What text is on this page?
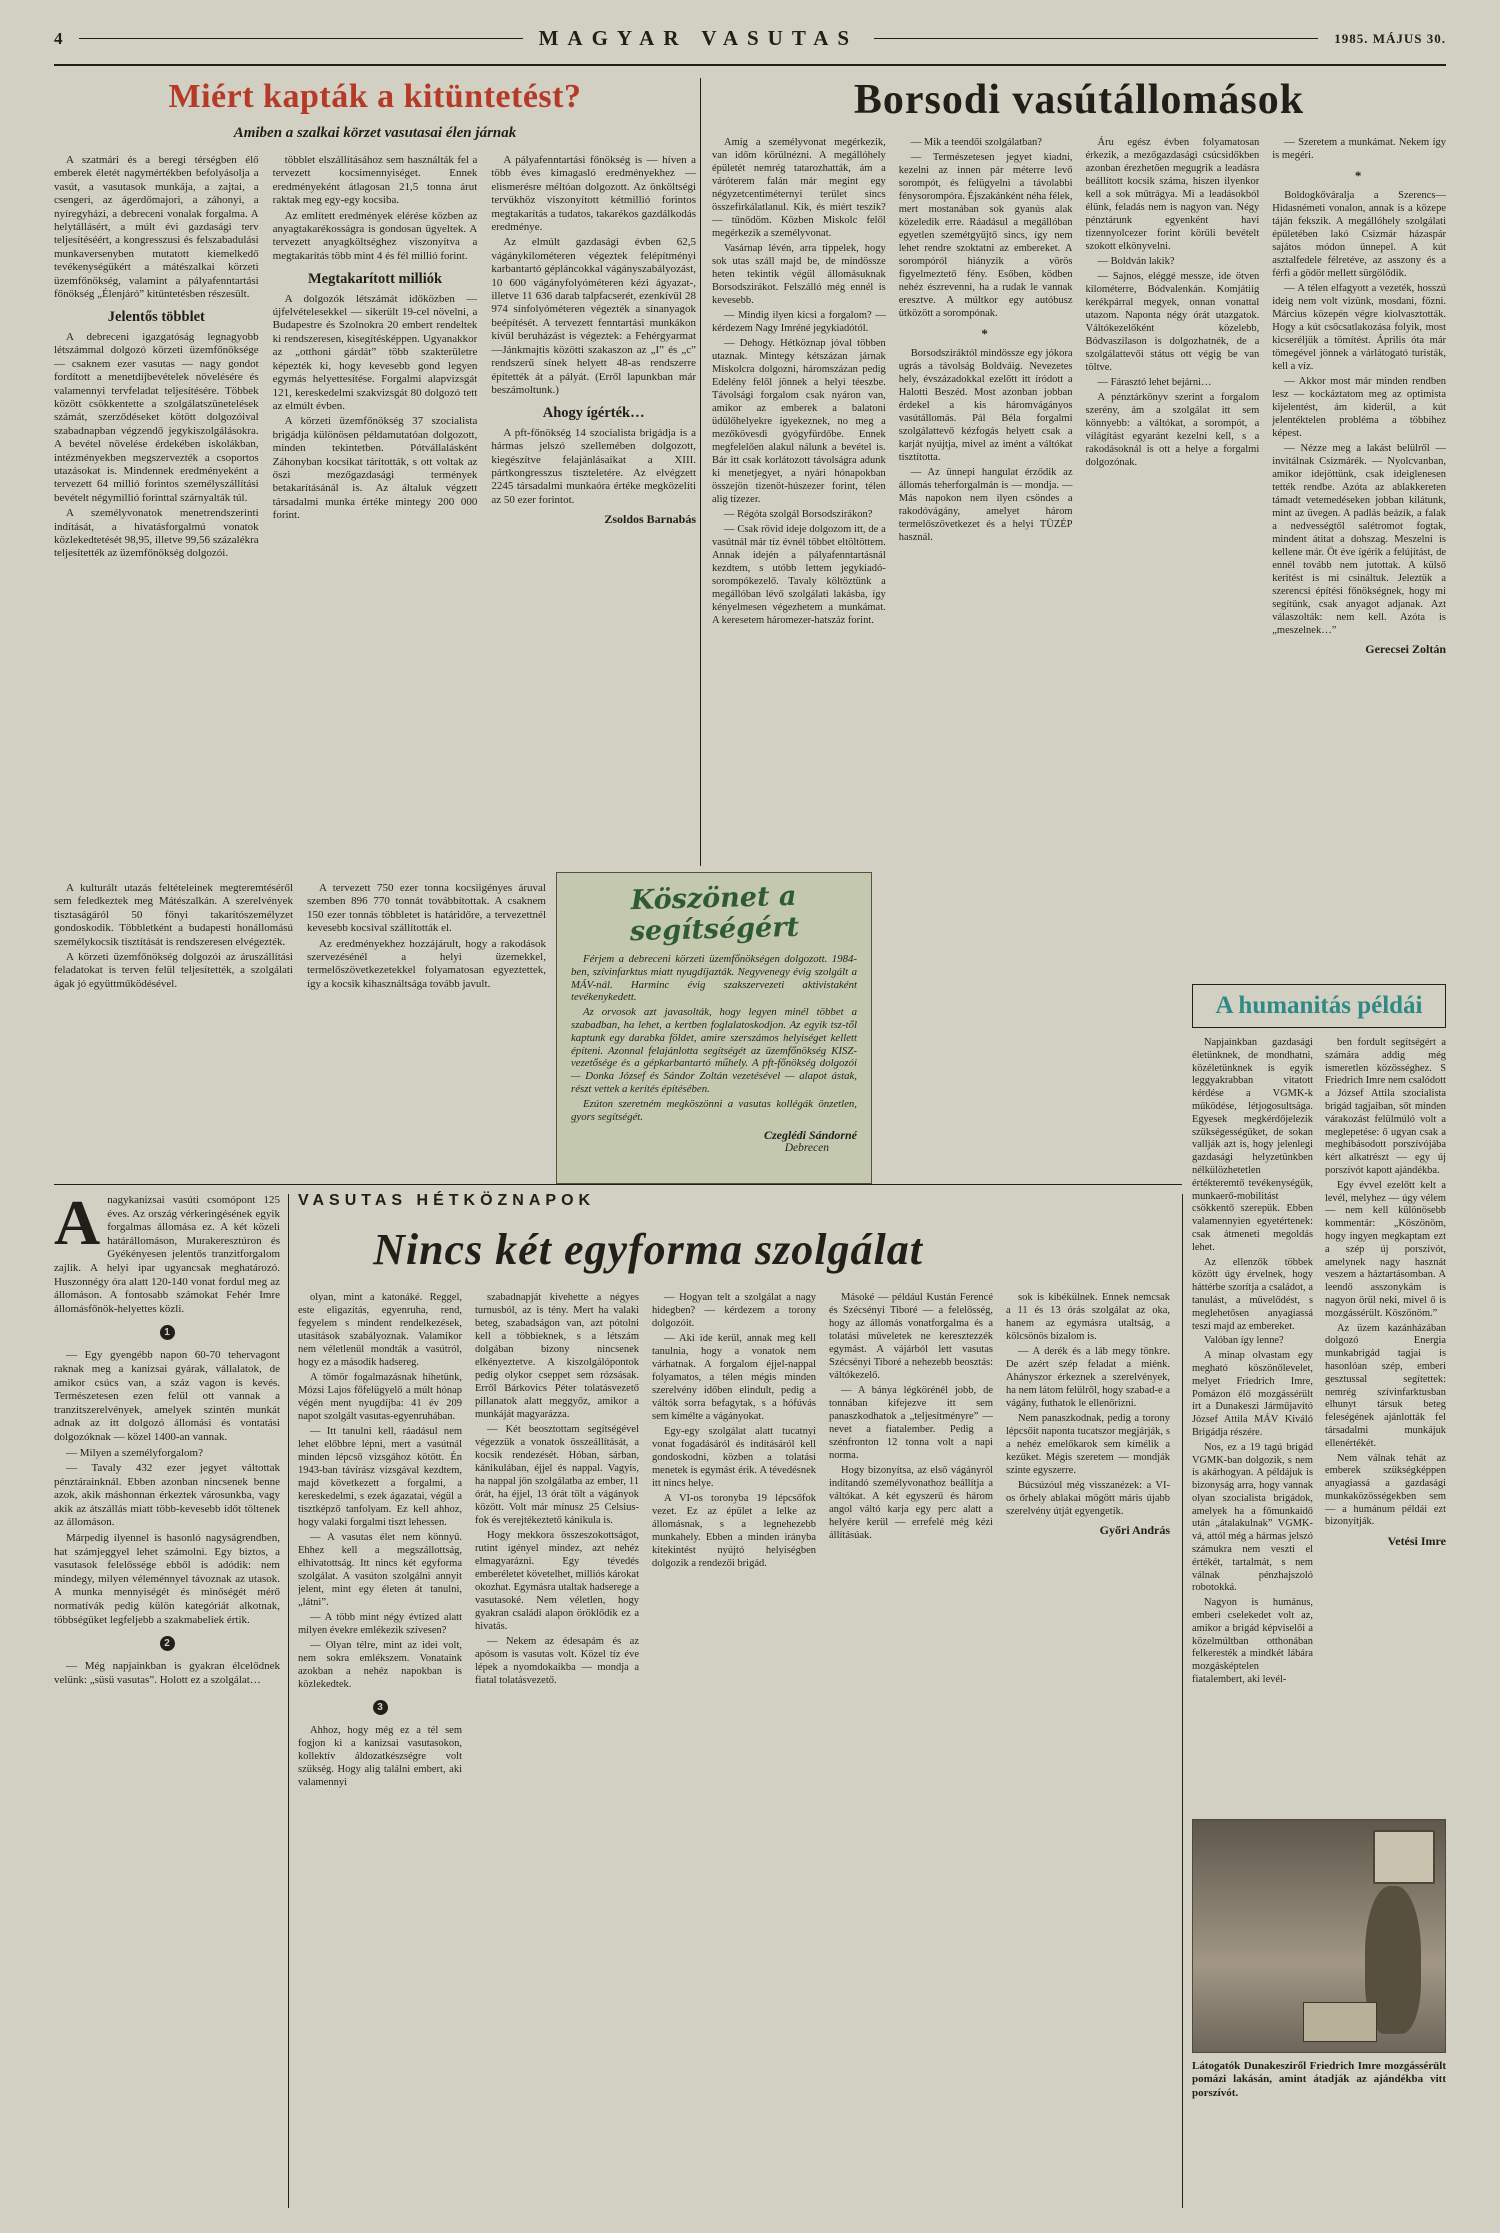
4	MAGYAR VASUTAS	1985. MÁJUS 30.
Miért kapták a kitüntetést?
Amiben a szalkai körzet vasutasai élen járnak
A szatmári és a beregi térségben élő emberek életét nagymértékben befolyásolja a vasút, a vasutasok munkája, a zajtai, a csengeri, az ágerdőmajori, a záhonyi, a nyíregyházi, a debreceni vonalak forgalma. A helytállásért, a múlt évi gazdasági terv teljesítéséért, a kongresszusi és felszabadulási munkaversenyben mutatott kiemelkedő tevékenységükért a mátészalkai körzeti üzemfőnökség, valamint a pályafenntartási főnökség „Élenjáró” kitüntetésben részesült.
Jelentős többlet
A debreceni igazgatóság legnagyobb létszámmal dolgozó körzeti üzemfőnöksége — csaknem ezer vasutas — nagy gondot fordított a menetdíjbevételek növelésére és valamennyi tervfeladat teljesítésére. Többek között csökkentette a szolgálatszünetelések számát, szerződéseket kötött dolgozóival szabadnapban végzendő jegykiszolgálásokra. A bevétel növelése érdekében iskolákban, intézményekben megszervezték a csoportos utazásokat is. Mindennek eredményeként a tervezett 64 millió forintos személyszállítási bevételt négymillió forinttal szárnyalták túl.
A személyvonatok menetrendszerinti indítását, a hivatásforgalmú vonatok közlekedtetését 98,95, illetve 99,56 százalékra teljesítették az üzemfőnökség dolgozói.
többlet elszállításához sem használták fel a tervezett kocsimennyiséget. Ennek eredményeként átlagosan 21,5 tonna árut raktak meg egy-egy kocsiba.
Az említett eredmények elérése közben az anyagtakarékosságra is gondosan ügyeltek. A tervezett anyagköltséghez viszonyítva a megtakarítás több mint 4 és fél millió forint.
Megtakarított milliók
A dolgozók létszámát időközben — újfelvételesekkel — sikerült 19-cel növelni, a Budapestre és Szolnokra 20 embert rendeltek ki rendszeresen, kisegítésképpen. Ugyanakkor az „otthoni gárdát” több szakterületre képezték ki, hogy kevesebb gond legyen egymás helyettesítése. Forgalmi alapvizsgát 121, kereskedelmi szakvizsgát 80 dolgozó tett az elmúlt évben.
A körzeti üzemfőnökség 37 szocialista brigádja különösen példamutatóan dolgozott, minden tekintetben. Pótvállalásként Záhonyban kocsikat tárították, s ott voltak az őszi mezőgazdasági termények betakarításánál is. Az általuk végzett társadalmi munka értéke mintegy 200 000 forint.
A pályafenntartási főnökség is — híven a több éves kimagasló eredményekhez — elismerésre méltóan dolgozott. Az önköltségi tervükhöz viszonyított kétmillió forintos megtakarítás a tudatos, takarékos gazdálkodás eredménye.
Az elmúlt gazdasági évben 62,5 vágánykilométeren végeztek felépítményi karbantartó gépláncokkal vágányszabályozást, 10 600 vágányfolyóméteren kézi ágyazat-, illetve 11 636 darab talpfacserét, ezenkívül 28 974 sínfolyóméteren végezték a sínanyagok beépítését. A tervezett fenntartási munkákon kívül beruházást is végeztek: a Fehérgyarmat—Jánkmajtis közötti szakaszon az „I” és „c” rendszerű sínek helyett 48-as rendszerre építették át a pályát. (Erről lapunkban már beszámoltunk.)
Ahogy ígérték…
A pft-főnökség 14 szocialista brigádja is a hármas jelszó szellemében dolgozott, kiegészítve felajánlásaikat a XIII. pártkongresszus tiszteletére. Az elvégzett 2245 társadalmi munkaóra értéke megközelíti az 50 ezer forintot.
Zsoldos Barnabás
A kulturált utazás feltételeinek megteremtéséről sem feledkeztek meg Mátészalkán. A szerelvények tisztaságáról 50 főnyi takarítószemélyzet gondoskodik. Többletként a budapesti honállomású személykocsik tisztítását is rendszeresen elvégezték.
A körzeti üzemfőnökség dolgozói az áruszállítási feladatokat is terven felül teljesítették, a szolgálati ágak jó együttműködésével.
A tervezett 750 ezer tonna kocsiigényes áruval szemben 896 770 tonnát továbbítottak. A csaknem 150 ezer tonnás többletet is határidőre, a tervezettnél kevesebb kocsival szállították el.
Az eredményekhez hozzájárult, hogy a rakodások szervezésénél a helyi üzemekkel, termelőszövetkezetekkel folyamatosan egyeztettek, így a kocsik kihasználtsága tovább javult.
Köszönet a segítségért
Férjem a debreceni körzeti üzemfőnökségen dolgozott. 1984-ben, szívinfarktus miatt nyugdíjazták. Negyvenegy évig szolgált a MÁV-nál. Harminc évig szakszervezeti aktivistaként tevékenykedett.
Az orvosok azt javasolták, hogy legyen minél többet a szabadban, ha lehet, a kertben foglalatoskodjon. Az egyik tsz-től kaptunk egy darabka földet, amire szerszámos helyiséget kellett építeni. Azonnal felajánlotta segítségét az üzemfőnökség KISZ-vezetősége és a gépkarbantartó műhely. A pft-főnökség dolgozói — Donka József és Sándor Zoltán vezetésével — alapot ástak, részt vettek a kerítés építésében.
Ezúton szeretném megköszönni a vasutas kollégák önzetlen, gyors segítségét.
Czeglédi Sándorné
Debrecen
Borsodi vasútállomások
Amíg a személyvonat megérkezik, van időm körülnézni. A megállóhely épületét nemrég tatarozhatták, ám a váróterem falán már megint egy négyzetcentiméternyi terület sincs összefirkálatlanul. Kik, és miért teszik? — tűnődöm. Közben Miskolc felől megérkezik a személyvonat.
Vasárnap lévén, arra tippelek, hogy sok utas száll majd be, de mindössze heten tekintik végül állomásuknak Borsodszirákot. Felszálló még ennél is kevesebb.
— Mindig ilyen kicsi a forgalom? — kérdezem Nagy Imréné jegykiadótól.
— Dehogy. Hétköznap jóval többen utaznak. Mintegy kétszázan járnak Miskolcra dolgozni, háromszázan pedig Edelény felől jönnek a helyi téeszbe. Távolsági forgalom csak nyáron van, amikor az emberek a balatoni üdülőhelyekre igyekeznek, no meg a mezőkövesdi gyógyfürdőbe. Ennek megfelelően alakul nálunk a bevétel is. Bár itt csak korlátozott távolságra adunk ki menetjegyet, a nyári hónapokban összejön tizenöt-húszezer forint, télen alig tízezer.
— Régóta szolgál Borsodszirákon?
— Csak rövid ideje dolgozom itt, de a vasútnál már tíz évnél többet eltöltöttem. Annak idején a pályafenntartásnál kezdtem, s utóbb lettem jegykiadó-sorompókezelő. Tavaly költöztünk a megállóban lévő szolgálati lakásba, így kényelmesen végezhetem a munkámat. A keresetem háromezer-hatszáz forint.
— Mik a teendői szolgálatban?
— Természetesen jegyet kiadni, kezelni az innen pár méterre levő sorompót, és felügyelni a távolabbi fénysorompóra. Éjszakánként néha félek, mert mostanában sok gyanús alak közeledik erre. Ráadásul a megállóban egyetlen szemétgyűjtő sincs, így nem lehet rendre szoktatni az embereket. A sorompóról hiányzik a vörös figyelmeztető fény. Esőben, ködben nehéz észrevenni, ha a rudak le vannak eresztve. A múltkor egy autóbusz ütközött a sorompónak.
*
Borsodsziráktól mindössze egy jókora ugrás a távolság Boldváig. Nevezetes hely, évszázadokkal ezelőtt itt íródott a Halotti Beszéd. Most azonban jobban érdekel a kis háromvágányos vasútállomás. Pál Béla forgalmi szolgálattevő kézfogás helyett csak a karját nyújtja, mivel az imént a váltókat tisztította.
— Az ünnepi hangulat érződik az állomás teherforgalmán is — mondja. — Más napokon nem ilyen csöndes a rakodóvágány, amelyet három termelőszövetkezet és a helyi TÜZÉP használ.
Áru egész évben folyamatosan érkezik, a mezőgazdasági csúcsidőkben azonban érezhetően megugrik a leadásra beállított kocsik száma, hiszen ilyenkor kell a sok műtrágya. Mi a leadásokból élünk, feladás nem is nagyon van. Négy pénztárunk egyenként havi tizennyolcezer forint körüli bevételt szokott elkönyvelni.
— Boldván lakik?
— Sajnos, eléggé messze, ide ötven kilométerre, Bódvalenkán. Komjátiig kerékpárral megyek, onnan vonattal utazom. Naponta négy órát utazgatok. Váltókezelőként közelebb, Bódvaszilason is dolgozhatnék, de a szolgálattevői státus ott végig be van töltve.
— Fárasztó lehet bejárni…
A pénztárkönyv szerint a forgalom szerény, ám a szolgálat itt sem könnyebb: a váltókat, a sorompót, a világítást egyaránt kezelni kell, s a rakodásoknál is ott a helye a forgalmi dolgozónak.
— Szeretem a munkámat. Nekem így is megéri.
*
Boldogkőváralja a Szerencs—Hidasnémeti vonalon, annak is a közepe táján fekszik. A megállóhely szolgálati épületében lakó Csizmár házaspár sajátos módon ünnepel. A kút asztalfedele félretéve, az asszony és a férfi a gödör mellett sürgölődik.
— A télen elfagyott a vezeték, hosszú ideig nem volt vizünk, mosdani, főzni. Március közepén végre kiolvasztották. Hogy a kút csőcsatlakozása folyik, most kicseréljük a tömítést. Április óta már tömegével jönnek a várlátogató turisták, kell a víz.
— Akkor most már minden rendben lesz — kockáztatom meg az optimista kijelentést, ám kiderül, a kút jelentéktelen probléma a többihez képest.
— Nézze meg a lakást belülről — invitálnak Csizmárék. — Nyolcvanban, amikor idejöttünk, csak ideiglenesen tették rendbe. Azóta az ablakkereten támadt vetemedéseken jobban kilátunk, mint az üvegen. A padlás beázik, a falak a nedvességtől salétromot fogtak, mindent átitat a dohszag. Meszelni is kellene már. Öt éve ígérik a felújítást, de ennél tovább nem jutottak. A külső kerítést is mi csináltuk. Jeleztük a szerencsi építési főnökségnek, hogy mi segítünk, csak anyagot adjanak. Azt válaszolták: nem kell. Azóta is „meszelnek…”
Gerecsei Zoltán
A humanitás példái
Napjainkban gazdasági életünknek, de mondhatni, közéletünknek is egyik leggyakrabban vitatott kérdése a VGMK-k működése, létjogosultsága. Egyesek megkérdőjelezik szükségességüket, de sokan vallják azt is, hogy jelenlegi gazdasági helyzetünkben nélkülözhetetlen értékteremtő tevékenységük, munkaerő-mobilitást csökkentő szerepük. Ebben valamennyien egyetértenek: csak átmeneti megoldás lehet.
Az ellenzők többek között úgy érvelnek, hogy háttérbe szorítja a családot, a tanulást, a művelődést, s meglehetősen anyagiassá teszi majd az embereket.
Valóban így lenne?
A minap olvastam egy megható köszönőlevelet, melyet Friedrich Imre, Pomázon élő mozgássérült írt a Dunakeszi Járműjavító József Attila MÁV Kiváló Brigádja részére.
Nos, ez a 19 tagú brigád VGMK-ban dolgozik, s nem is akárhogyan. A példájuk is bizonyság arra, hogy vannak olyan szocialista brigádok, amelyek ha a főmunkaidő után „átalakulnak” VGMK-vá, attól még a hármas jelszó számukra nem veszti el értékét, tartalmát, s nem válnak pénzhajszoló robotokká.
Nagyon is humánus, emberi cselekedet volt az, amikor a brigád képviselői a közelmúltban otthonában felkeresték a mindkét lábára mozgásképtelen fiatalembert, aki levél-
ben fordult segítségért a számára addig még ismeretlen közösséghez. S Friedrich Imre nem csalódott a József Attila szocialista brigád tagjaiban, sőt minden várakozást felülmúló volt a meglepetése: ő ugyan csak a meghibásodott porszívójába kért alkatrészt — egy új porszívót kapott ajándékba.
Egy évvel ezelőtt kelt a levél, melyhez — úgy vélem — nem kell különösebb kommentár: „Köszönöm, hogy ingyen megkaptam ezt a szép új porszívót, amelynek nagy hasznát veszem a háztartásomban. A leendő asszonykám is nagyon örül neki, mivel ő is mozgássérült. Köszönöm.”
Az üzem kazánházában dolgozó Energia munkabrigád tagjai is hasonlóan szép, emberi gesztussal segítettek: nemrég szívinfarktusban elhunyt társuk beteg feleségének ajánlották fel társadalmi munkájuk ellenértékét.
Nem válnak tehát az emberek szükségképpen anyagiassá a gazdasági munkaközösségekben sem — a humánum példái ezt bizonyítják.
Vetési Imre
Látogatók Dunakesziről Friedrich Imre mozgássérült pomázi lakásán, amint átadják az ajándékba vitt porszívót.
Anagykanizsai vasúti csomópont 125 éves. Az ország vérkeringésének egyik forgalmas állomása ez. A két közeli határállomáson, Murakeresztúron és Gyékényesen jelentős tranzitforgalom zajlik. A helyi ipar ugyancsak meghatározó. Huszonnégy óra alatt 120-140 vonat fordul meg az állomáson. A fontosabb számokat Fehér Imre állomásfőnök-helyettes közli.
1
— Egy gyengébb napon 60-70 tehervagont raknak meg a kanizsai gyárak, vállalatok, de amikor csúcs van, a száz vagon is kevés. Természetesen ezen felül ott vannak a tranzitszerelvények, amelyek szintén munkát adnak az itt dolgozó állomási és vontatási dolgozóknak — közel 1400-an vannak.
— Milyen a személyforgalom?
— Tavaly 432 ezer jegyet váltottak pénztárainknál. Ebben azonban nincsenek benne azok, akik máshonnan érkeztek városunkba, vagy akik az átszállás miatt több-kevesebb időt töltenek az állomáson.
Márpedig ilyennel is hasonló nagyságrendben, hat számjeggyel lehet számolni. Egy biztos, a vasutasok felelőssége ebből is adódik: nem mindegy, milyen véleménnyel távoznak az utasok. A munka mennyiségét és minőségét mérő normatívák pedig külön kategóriát alkotnak, többségüket legfeljebb a szakmabeliek értik.
2
— Még napjainkban is gyakran élcelődnek velünk: „süsü vasutas”. Holott ez a szolgálat…
VASUTAS HÉTKÖZNAPOK
Nincs két egyforma szolgálat
olyan, mint a katonáké. Reggel, este eligazítás, egyenruha, rend, fegyelem s mindent rendelkezések, utasítások szabályoznak. Valamikor nem véletlenül mondták a vasútról, hogy ez a második hadsereg.
A tömör fogalmazásnak hihetünk, Mózsi Lajos főfelügyelő a múlt hónap végén ment nyugdíjba: 41 év 209 napot szolgált vasutas-egyenruhában.
— Itt tanulni kell, ráadásul nem lehet előbbre lépni, mert a vasútnál minden lépcső vizsgához kötött. Én 1943-ban távírász vizsgával kezdtem, majd következett a forgalmi, a kereskedelmi, s ezek ágazatai, végül a tisztképző tanfolyam. Ez kell ahhoz, hogy valaki forgalmi tiszt lehessen.
— A vasutas élet nem könnyű. Ehhez kell a megszállottság, elhivatottság. Itt nincs két egyforma szolgálat. A vasúton szolgálni annyit jelent, mint egy életen át tanulni, „látni”.
— A több mint négy évtized alatt milyen évekre emlékezik szívesen?
— Olyan télre, mint az idei volt, nem sokra emlékszem. Vonataink azokban a nehéz napokban is közlekedtek.
3
Ahhoz, hogy még ez a tél sem fogjon ki a kanizsai vasutasokon, kollektív áldozatkészségre volt szükség. Hogy alig találni embert, aki valamennyi
szabadnapját kivehette a négyes turnusból, az is tény. Mert ha valaki beteg, szabadságon van, azt pótolni kell a többieknek, s a létszám dolgában bizony nincsenek elkényeztetve. A kiszolgálópontok pedig olykor cseppet sem rózsásak. Erről Bárkovics Péter tolatásvezető pillanatok alatt meggyőz, amikor a munkáját magyarázza.
— Két beosztottam segítségével végezzük a vonatok összeállítását, a kocsik rendezését. Hóban, sárban, kánikulában, éjjel és nappal. Vagyis, ha nappal jön szolgálatba az ember, 11 órát, ha éjjel, 13 órát tölt a vágányok között. Volt már mínusz 25 Celsius-fok és verejtékeztető kánikula is.
Hogy mekkora összeszokottságot, rutint igényel mindez, azt nehéz elmagyarázni. Egy tévedés emberéletet követelhet, milliós károkat okozhat. Egymásra utaltak hadserege a vasutasoké. Nem véletlen, hogy gyakran családi alapon öröklődik ez a hivatás.
— Nekem az édesapám és az apósom is vasutas volt. Közel tíz éve lépek a nyomdokaikba — mondja a fiatal tolatásvezető.
— Hogyan telt a szolgálat a nagy hidegben? — kérdezem a torony dolgozóit.
— Aki ide kerül, annak meg kell tanulnia, hogy a vonatok nem várhatnak. A forgalom éjjel-nappal folyamatos, a télen mégis minden szerelvény időben elindult, pedig a váltók sorra befagytak, s a hófúvás sem kímélte a vágányokat.
Egy-egy szolgálat alatt tucatnyi vonat fogadásáról és indításáról kell gondoskodni, közben a tolatási menetek is egymást érik. A tévedésnek itt nincs helye.
A VI-os toronyba 19 lépcsőfok vezet. Ez az épület a lelke az állomásnak, s a legnehezebb munkahely. Ebben a minden irányba kitekintést nyújtó helyiségben dolgozik a rendezői brigád.
Másoké — például Kustán Ferencé és Szécsényi Tiboré — a felelősség, hogy az állomás vonatforgalma és a tolatási műveletek ne keresztezzék egymást. A vájárból lett vasutas Szécsényi Tiboré a nehezebb beosztás: váltókezelő.
— A bánya légkörénél jobb, de tonnában kifejezve itt sem panaszkodhatok a „teljesítményre” — nevet a fiatalember. Pedig a szénfronton 12 tonna volt a napi norma.
Hogy bizonyítsa, az első vágányról indítandó személyvonathoz beállítja a váltókat. A két egyszerű és három angol váltó karja egy perc alatt a helyére kerül — errefelé még kézi állításúak.
sok is kibékülnek. Ennek nemcsak a 11 és 13 órás szolgálat az oka, hanem az egymásra utaltság, a kölcsönös bizalom is.
— A derék és a láb megy tönkre. De azért szép feladat a miénk. Ahányszor érkeznek a szerelvények, ha nem látom felülről, hogy szabad-e a vágány, futhatok le ellenőrizni.
Nem panaszkodnak, pedig a torony lépcsőit naponta tucatszor megjárják, s a nehéz emelőkarok sem kímélik a kezüket. Mégis szeretem — mondják szinte egyszerre.
Búcsúzóul még visszanézek: a VI-os őrhely ablakai mögött máris újabb szerelvény útját egyengetik.
Győri András
